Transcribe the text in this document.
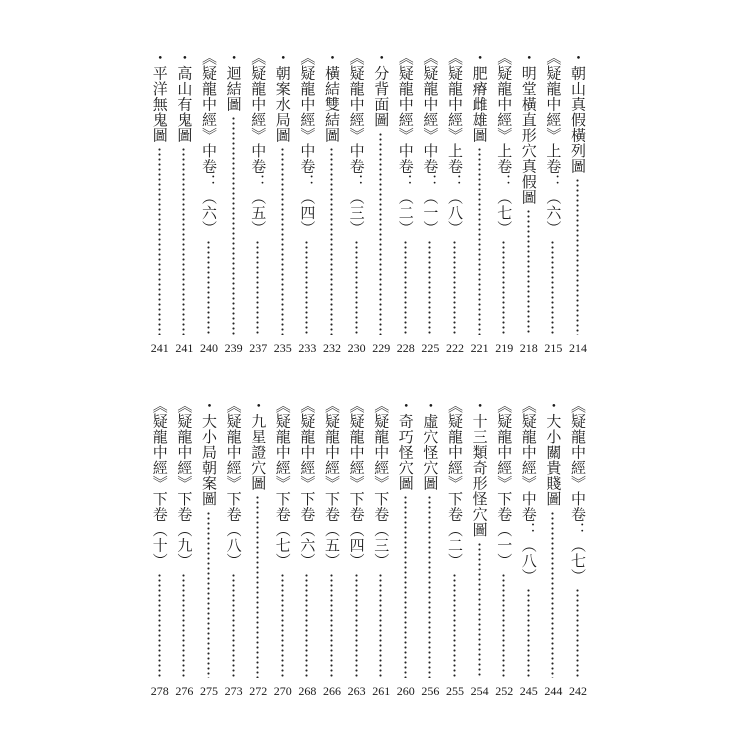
・朝山真假橫列圖
214
《疑龍中經》上卷：（六）
215
・明堂橫直形穴真假圖
218
《疑龍中經》上卷：（七）
219
・肥瘠雌雄圖
221
《疑龍中經》上卷：（八）
222
《疑龍中經》中卷：（一）
225
《疑龍中經》中卷：（二）
228
・分背面圖
229
《疑龍中經》中卷：（三）
230
・橫結雙結圖
232
《疑龍中經》中卷：（四）
233
・朝案水局圖
235
《疑龍中經》中卷：（五）
237
・迴結圖
239
《疑龍中經》中卷：（六）
240
・高山有鬼圖
241
・平洋無鬼圖
241
《疑龍中經》中卷：（七）
242
・大小關貴賤圖
244
《疑龍中經》中卷：（八）
245
《疑龍中經》下卷（一）
252
・十三類奇形怪穴圖
254
《疑龍中經》下卷（二）
255
・虛穴怪穴圖
256
・奇巧怪穴圖
260
《疑龍中經》下卷（三）
261
《疑龍中經》下卷（四）
263
《疑龍中經》下卷（五）
266
《疑龍中經》下卷（六）
268
《疑龍中經》下卷（七）
270
・九星證穴圖
272
《疑龍中經》下卷（八）
273
・大小局朝案圖
275
《疑龍中經》下卷（九）
276
《疑龍中經》下卷（十）
278
